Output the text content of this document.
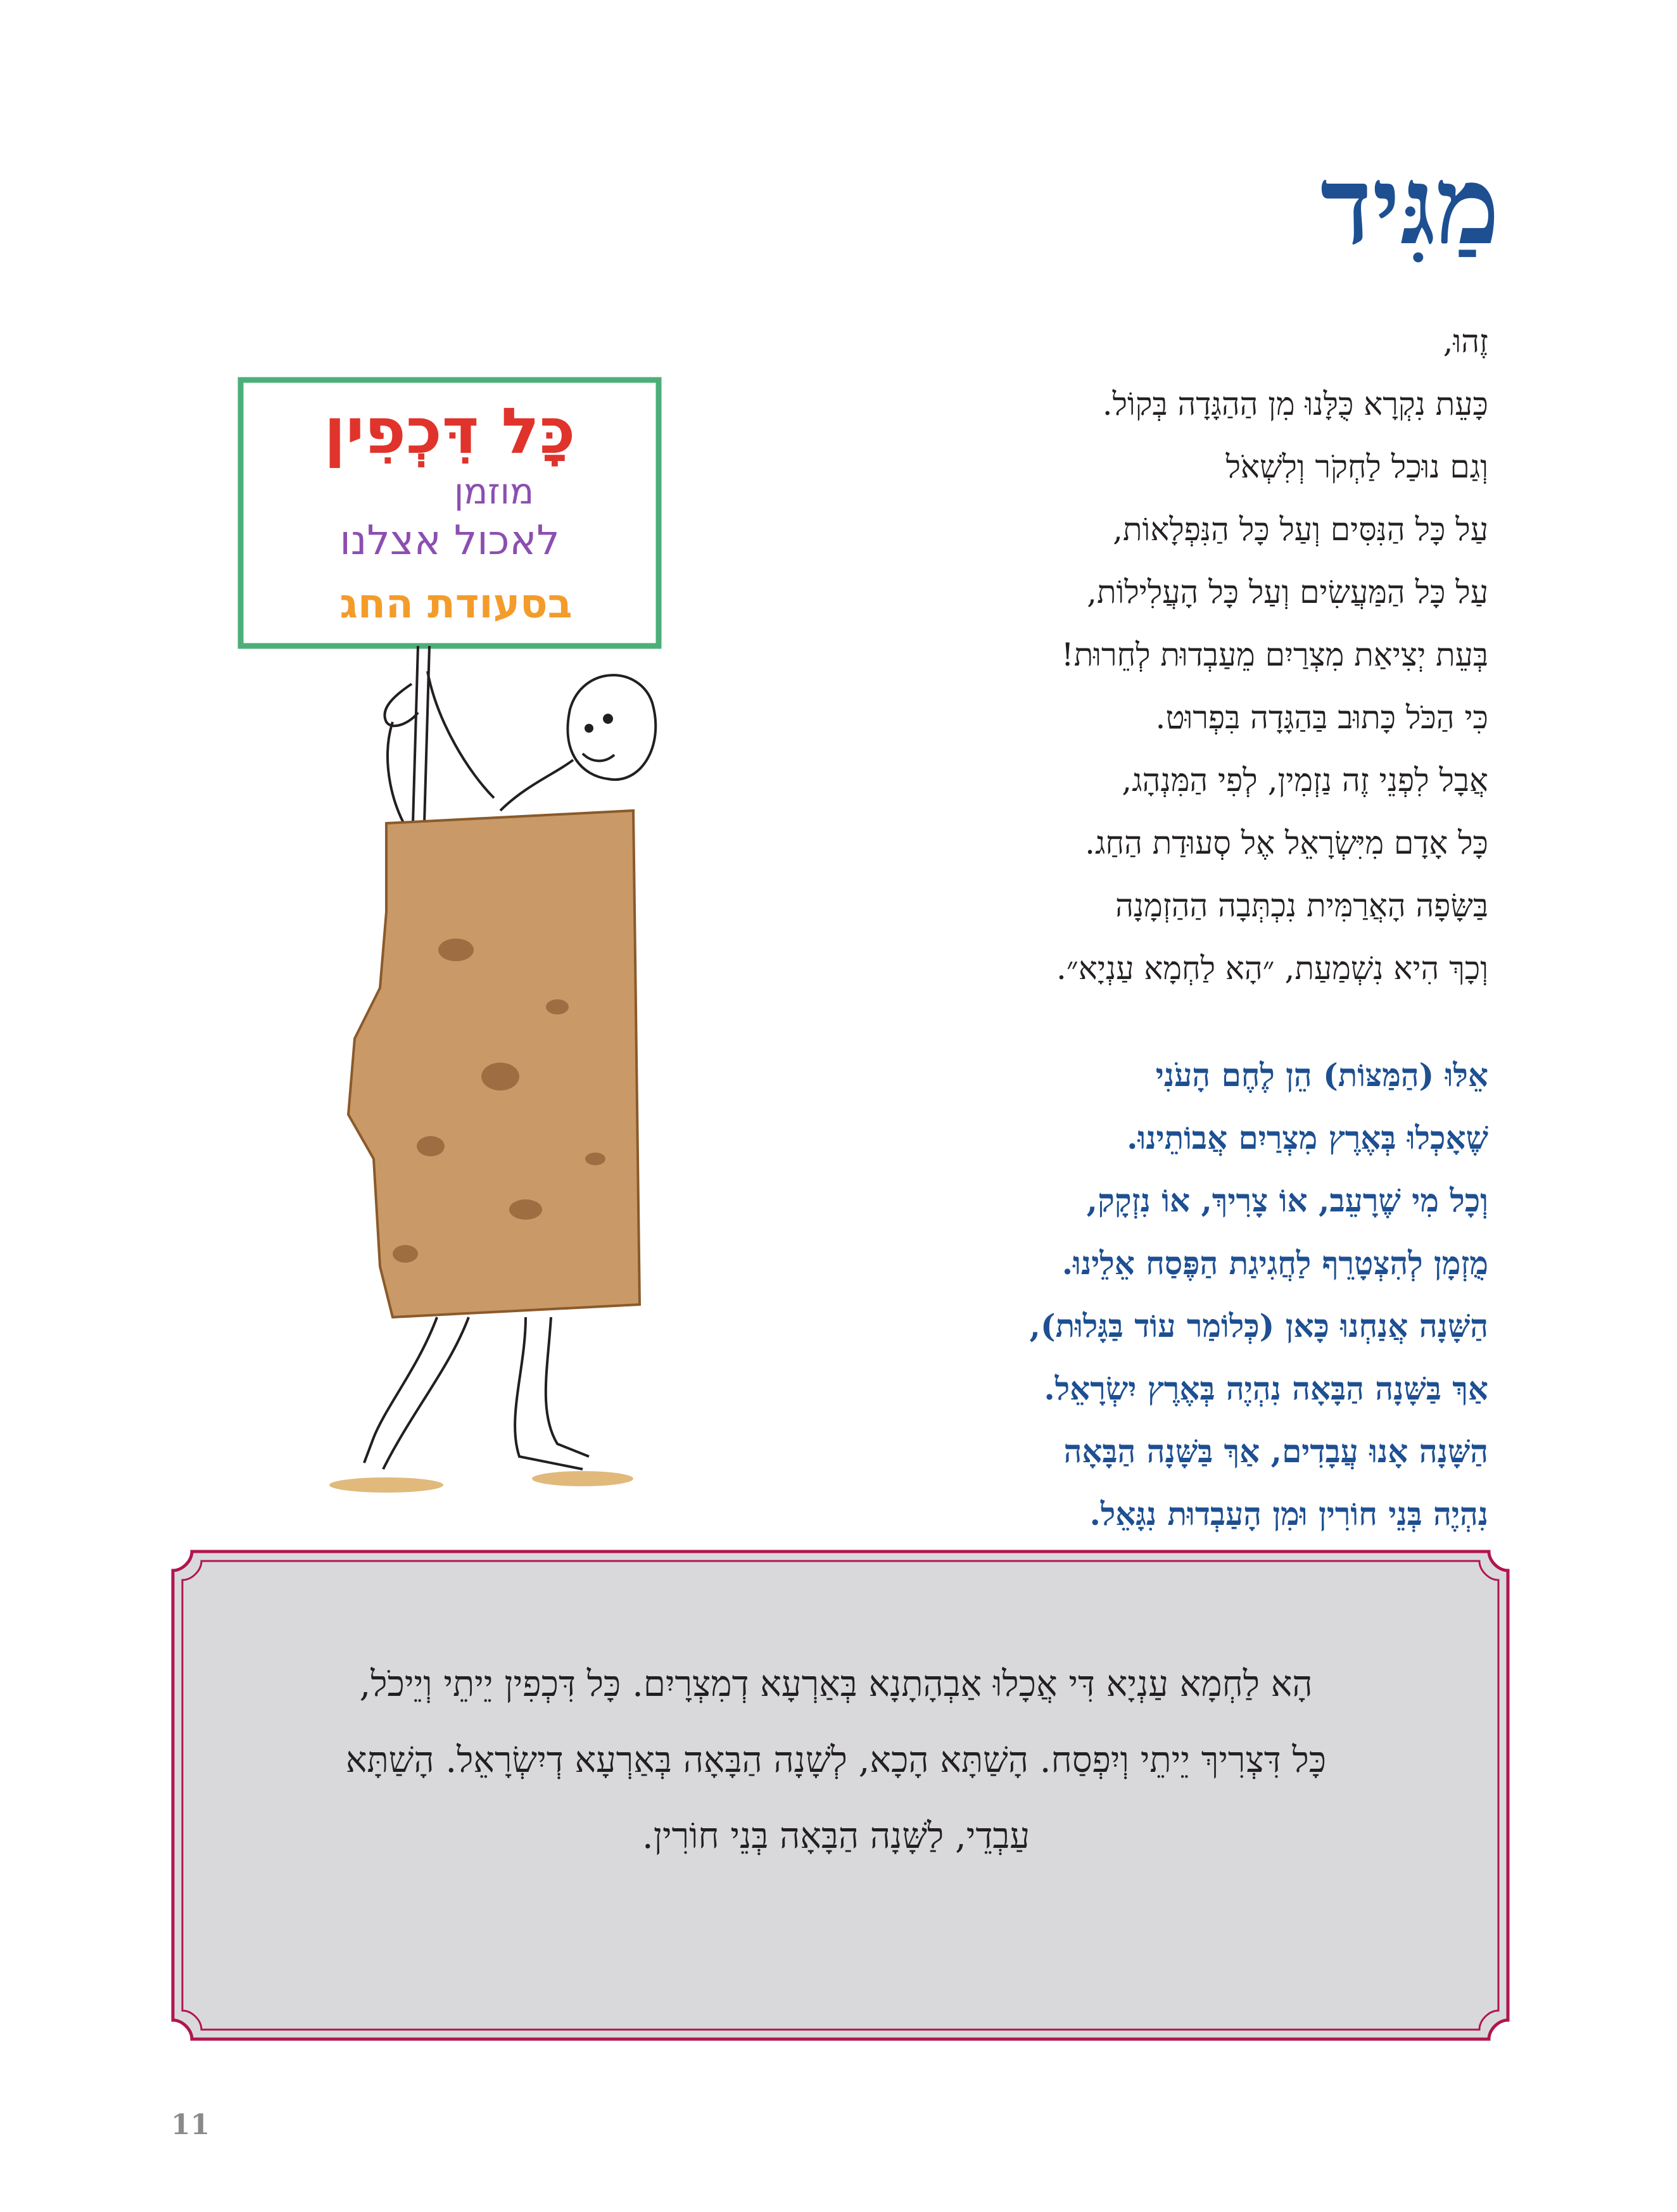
מַגִּיד
זֶהוּ,
כָּעֵת נִקְרָא כֻּלָּנוּ מִן הַהַגָּדָה בְּקוֹל.
וְגַם נוּכַל לַחְקֹר וְלִשְׁאֹל
עַל כָּל הַנִּסִּים וְעַל כָּל הַנִּפְלָאוֹת,
עַל כָּל הַמַּעֲשִׂים וְעַל כָּל הָעֲלִילוֹת,
בְּעֵת יְצִיאַת מִצְרַיִם מֵעַבְדוּת לְחֵרוּת!
כִּי הַכֹּל כָּתוּב בַּהַגָּדָה בִּפְרוּט.
אֲבָל לִפְנֵי זֶה נַזְמִין, לְפִי הַמִּנְהָג,
כָּל אָדָם מִיִּשְׂרָאֵל אֶל סְעוּדַת הַחַג.
בַּשָּׂפָה הָאֲרַמִּית נִכְתְּבָה הַהַזְמָנָה
וְכָךְ הִיא נִשְׁמַעַת, ״הָא לַחְמָא עַנְיָא״.
אֵלּוּ (הַמַּצּוֹת) הֵן לֶחֶם הָעֹנִי
שֶׁאָכְלוּ בְּאֶרֶץ מִצְרַיִם אֲבוֹתֵינוּ.
וְכָל מִי שֶׁרָעֵב, אוֹ צָרִיךְ, אוֹ נִזְקָק,
מֻזְמָן לְהִצְטָרֵף לַחֲגִיגַת הַפֶּסַח אֵלֵינוּ.
הַשָּׁנָה אֲנַחְנוּ כָּאן (כְּלוֹמַר עוֹד בַּגָּלוּת),
אַךְ בַּשָּׁנָה הַבָּאָה נִהְיֶה בְּאֶרֶץ יִשְׂרָאֵל.
הַשָּׁנָה אָנוּ עֲבָדִים, אַךְ בַּשָּׁנָה הַבָּאָה
נִהְיֶה בְּנֵי חוֹרִין וּמִן הָעַבְדוּת נִגָּאֵל.
כָּל דִּכְפִין
מוזמן
לאכול אצלנו
בסעודת החג
הָא לַחְמָא עַנְיָא דִּי אֲכָלוּ אַבְהָתָנָא בְּאַרְעָא דְמִצְרָיִם. כָּל דִּכְפִין יֵיתֵי וְיֵיכֹל,
כָּל דִּצְרִיךְ יֵיתֵי וְיִפְסַח. הָשַׁתָּא הָכָא, לְשָׁנָה הַבָּאָה בְּאַרְעָא דְיִשְׂרָאֵל. הָשַׁתָּא
עַבְדֵי, לַשָּׁנָה הַבָּאָה בְּנֵי חוֹרִין.
11
